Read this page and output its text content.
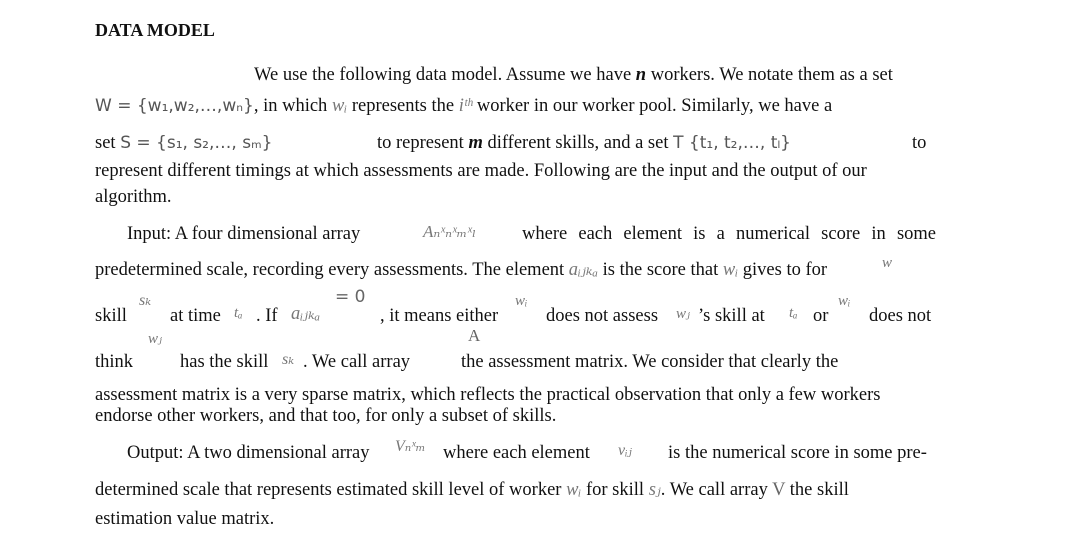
DATA MODEL
We use the following data model. Assume we have n workers. We notate them as a set
W = {w₁,w₂,…,wₙ}, in which wᵢ represents the iᵗʰ worker in our worker pool. Similarly, we have a
set S = {s₁, s₂,…, sₘ}	to represent m different skills, and a set T {t₁, t₂,…, tₗ}	to
represent different timings at which assessments are made. Following are the input and the output of our
algorithm.
Input: A four dimensional array	Aₙˣₙˣₘˣₗ where each element is a numerical score in some
predetermined scale, recording every assessments. The element aᵢⱼₖₐ is the score that wᵢ gives to for	w
skill
sₖ
at time tₐ . If aᵢⱼₖₐ
= 0
, it means either
wᵢ
A
does not assess wⱼ ’s skill at tₐ or
wᵢ
does not
wⱼ
think	has the skill sₖ . We call array	the assessment matrix. We consider that clearly the
assessment matrix is a very sparse matrix, which reflects the practical observation that only a few workers
endorse other workers, and that too, for only a subset of skills.
Output: A two dimensional array Vₙˣₘ where each element vᵢⱼ is the numerical score in some pre-
determined scale that represents estimated skill level of worker wᵢ for skill sⱼ. We call array V the skill
estimation value matrix.
